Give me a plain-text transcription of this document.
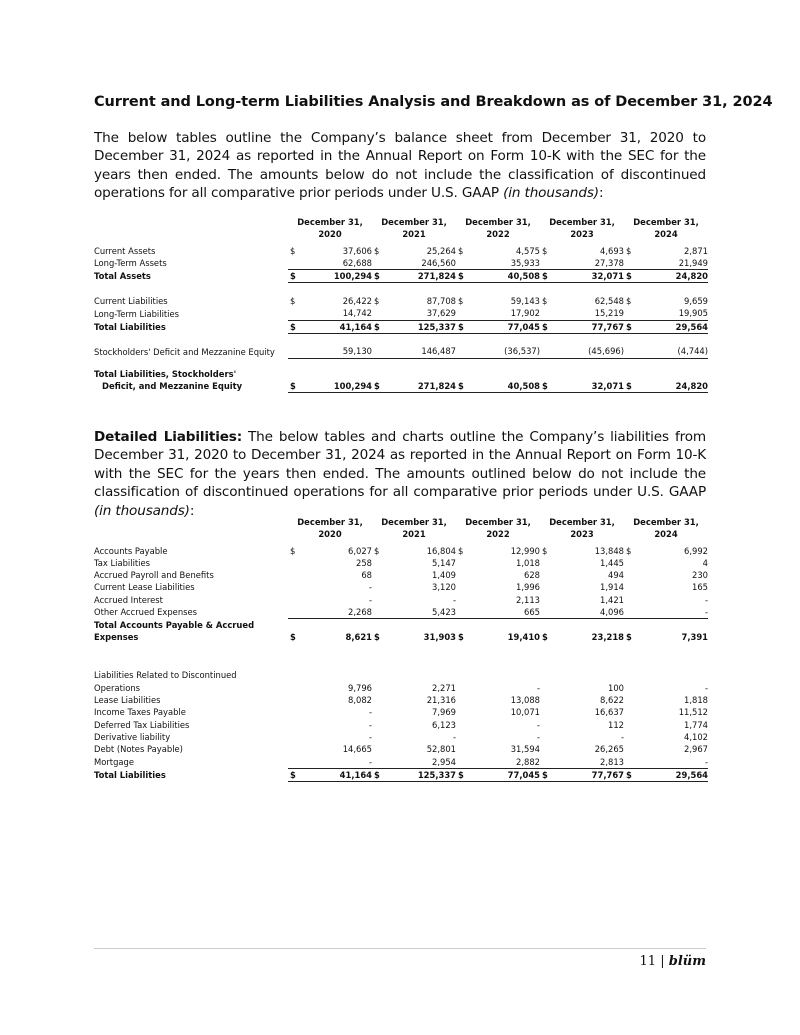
Current and Long-term Liabilities Analysis and Breakdown as of December 31, 2024

The below tables outline the Company’s balance sheet from December 31, 2020 to December 31, 2024 as reported in the Annual Report on Form 10-K with the SEC for the years then ended. The amounts below do not include the classification of discontinued operations for all comparative prior periods under U.S. GAAP (in thousands):

	December 31,		December 31,		December 31,		December 31,		December 31,	
	2020		2021		2022		2023		2024	

Current Assets	$	37,606	$	25,264	$	4,575	$	4,693	$	2,871
Long-Term Assets		62,688		246,560		35,933		27,378		21,949
Total Assets	$	100,294	$	271,824	$	40,508	$	32,071	$	24,820

Current Liabilities	$	26,422	$	87,708	$	59,143	$	62,548	$	9,659
Long-Term Liabilities		14,742		37,629		17,902		15,219		19,905
Total Liabilities	$	41,164	$	125,337	$	77,045	$	77,767	$	29,564

Stockholders' Deficit and Mezzanine Equity		59,130		146,487		(36,537)		(45,696)		(4,744)

Total Liabilities, Stockholders'
Deficit, and Mezzanine Equity	$	100,294	$	271,824	$	40,508	$	32,071	$	24,820

Detailed Liabilities: The below tables and charts outline the Company’s liabilities from December 31, 2020 to December 31, 2024 as reported in the Annual Report on Form 10-K with the SEC for the years then ended. The amounts outlined below do not include the classification of discontinued operations for all comparative prior periods under U.S. GAAP (in thousands):

	December 31,		December 31,		December 31,		December 31,		December 31,	
	2020		2021		2022		2023		2024	

Accounts Payable	$	6,027	$	16,804	$	12,990	$	13,848	$	6,992
Tax Liabilities		258		5,147		1,018		1,445		4
Accrued Payroll and Benefits		68		1,409		628		494		230
Current Lease Liabilities		-		3,120		1,996		1,914		165
Accrued Interest		-		-		2,113		1,421		-
Other Accrued Expenses		2,268		5,423		665		4,096		-

Total Accounts Payable & Accrued
Expenses	$	8,621	$	31,903	$	19,410	$	23,218	$	7,391

Liabilities Related to Discontinued
Operations		9,796		2,271		-		100		-
Lease Liabilities		8,082		21,316		13,088		8,622		1,818
Income Taxes Payable		-		7,969		10,071		16,637		11,512
Deferred Tax Liabilities		-		6,123		-		112		1,774
Derivative liability		-		-		-		-		4,102
Debt (Notes Payable)		14,665		52,801		31,594		26,265		2,967
Mortgage		-		2,954		2,882		2,813		-
Total Liabilities	$	41,164	$	125,337	$	77,045	$	77,767	$	29,564
11 | blüm
